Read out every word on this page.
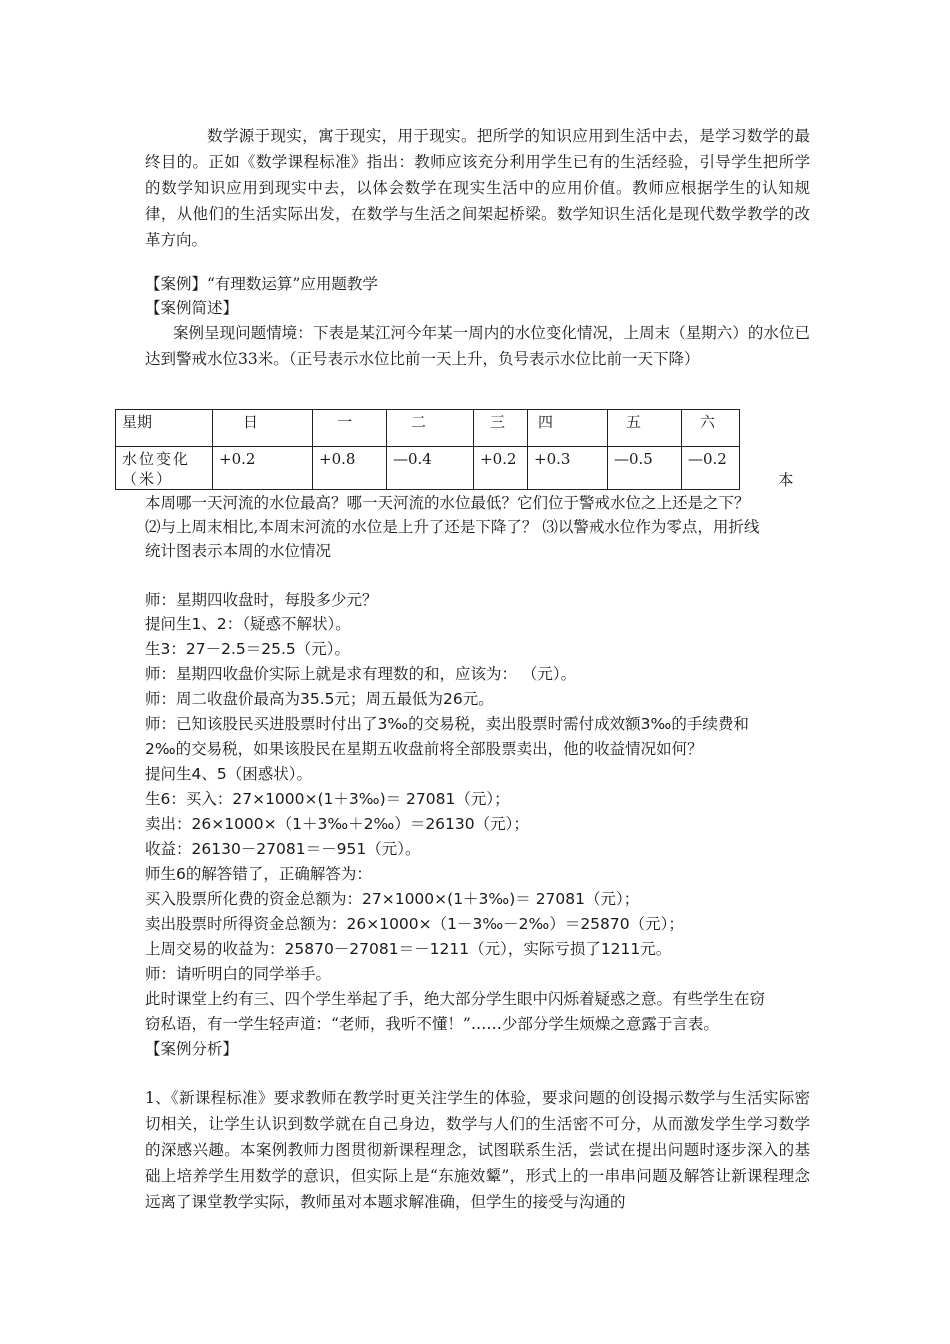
数学源于现实，寓于现实，用于现实。把所学的知识应用到生活中去，是学习数学的最终目的。正如《数学课程标准》指出：教师应该充分利用学生已有的生活经验，引导学生把所学的数学知识应用到现实中去，以体会数学在现实生活中的应用价值。教师应根据学生的认知规律，从他们的生活实际出发，在数学与生活之间架起桥梁。数学知识生活化是现代数学教学的改革方向。

【案例】“有理数运算”应用题教学

【案例简述】

案例呈现问题情境：下表是某江河今年某一周内的水位变化情况，上周末（星期六）的水位已达到警戒水位33米。（正号表示水位比前一天上升，负号表示水位比前一天下降）

星期	日	一	二	三	四	五	六
水位变化（米）	+0.2	+0.8	—0.4	+0.2	+0.3	—0.5	—0.2
本

本周哪一天河流的水位最高？哪一天河流的水位最低？它们位于警戒水位之上还是之下？

⑵与上周末相比,本周末河流的水位是上升了还是下降了？ ⑶以警戒水位作为零点，用折线

统计图表示本周的水位情况

师：星期四收盘时，每股多少元？

提问生1、2：（疑惑不解状）。

生3：27－2.5＝25.5（元）。

师：星期四收盘价实际上就是求有理数的和，应该为： （元）。

师：周二收盘价最高为35.5元；周五最低为26元。

师：已知该股民买进股票时付出了3‰的交易税，卖出股票时需付成效额3‰的手续费和

2‰的交易税，如果该股民在星期五收盘前将全部股票卖出，他的收益情况如何？

提问生4、5（困惑状）。

生6：买入：27×1000×(1＋3‰)＝ 27081（元）；

卖出：26×1000×（1＋3‰＋2‰）＝26130（元）；

收益：26130－27081＝－951（元）。

师生6的解答错了，正确解答为：

买入股票所化费的资金总额为：27×1000×(1＋3‰)＝ 27081（元）；

卖出股票时所得资金总额为：26×1000×（1－3‰－2‰）＝25870（元）；

上周交易的收益为：25870－27081＝－1211（元），实际亏损了1211元。

师：请听明白的同学举手。

此时课堂上约有三、四个学生举起了手，绝大部分学生眼中闪烁着疑惑之意。有些学生在窃

窃私语，有一学生轻声道：“老师，我听不懂！”……少部分学生烦燥之意露于言表。

【案例分析】

1、《新课程标准》要求教师在教学时更关注学生的体验，要求问题的创设揭示数学与生活实际密切相关，让学生认识到数学就在自己身边，数学与人们的生活密不可分，从而激发学生学习数学的深感兴趣。本案例教师力图贯彻新课程理念，试图联系生活，尝试在提出问题时逐步深入的基础上培养学生用数学的意识，但实际上是“东施效颦”，形式上的一串串问题及解答让新课程理念远离了课堂教学实际，教师虽对本题求解准确，但学生的接受与沟通的
